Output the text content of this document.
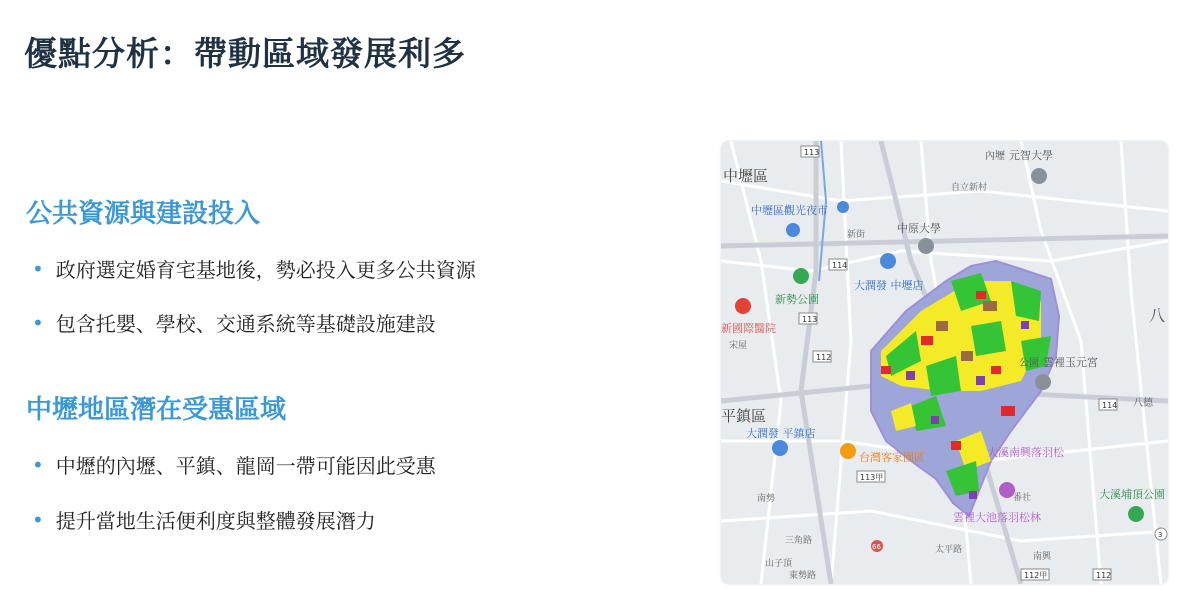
優點分析：帶動區域發展利多
公共資源與建設投入
• 政府選定婚育宅基地後，勢必投入更多公共資源
• 包含托嬰、學校、交通系統等基礎設施建設
中壢地區潛在受惠區域
• 中壢的內壢、平鎮、龍岡一帶可能因此受惠
• 提升當地生活便利度與整體發展潛力
113
114
112
113
113甲
114
112甲	112
66
3
中壢區
中壢區觀光夜市
中原大學
新街
內壢 元智大學
自立新村
新勢公園
大潤發 中壢店
新國際醫院
宋屋
平鎮區
大潤發 平鎮店
公園 雲裡玉元宮
八德
台灣客家園區	大溪南興落羽松
大溪埔頂公園
雲裡大池落羽松林
番社
南勢
三角路
山子頂
東勢路
南興
八
太平路
